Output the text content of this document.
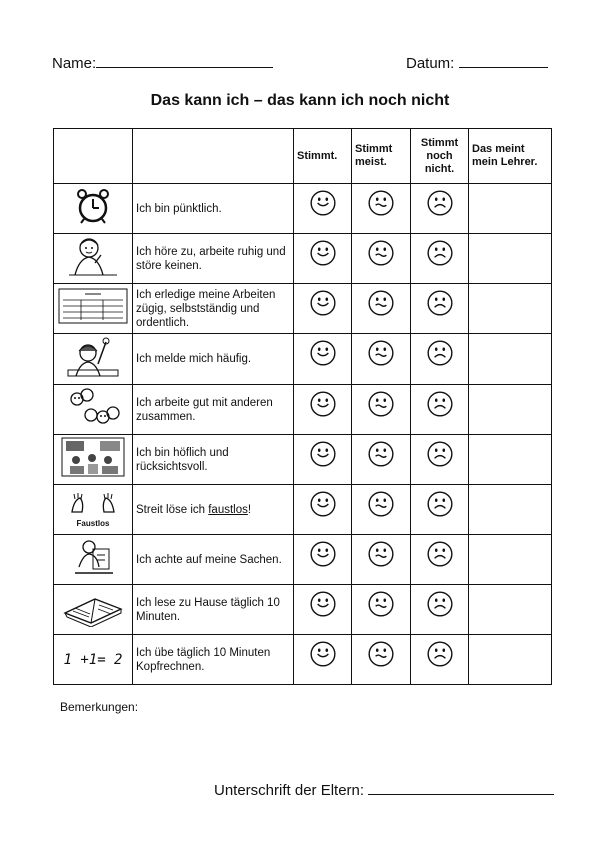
Name:	Datum:
Das kann ich – das kann ich noch nicht
		Stimmt.	Stimmt meist.	Stimmt noch nicht.	Das meint mein Lehrer.
	Ich bin pünktlich.				
	Ich höre zu, arbeite ruhig und störe keinen.				
	Ich erledige meine Arbeiten zügig, selbstständig und ordentlich.				
	Ich melde mich häufig.				
	Ich arbeite gut mit anderen zusammen.				
	Ich bin höflich und rücksichtsvoll.				

Faustlos	Streit löse ich faustlos!				
	Ich achte auf meine Sachen.				
	Ich lese zu Hause täglich 10 Minuten.				
1 +1= 2	Ich übe täglich 10 Minuten Kopfrechnen.				
Bemerkungen:
Unterschrift der Eltern:
